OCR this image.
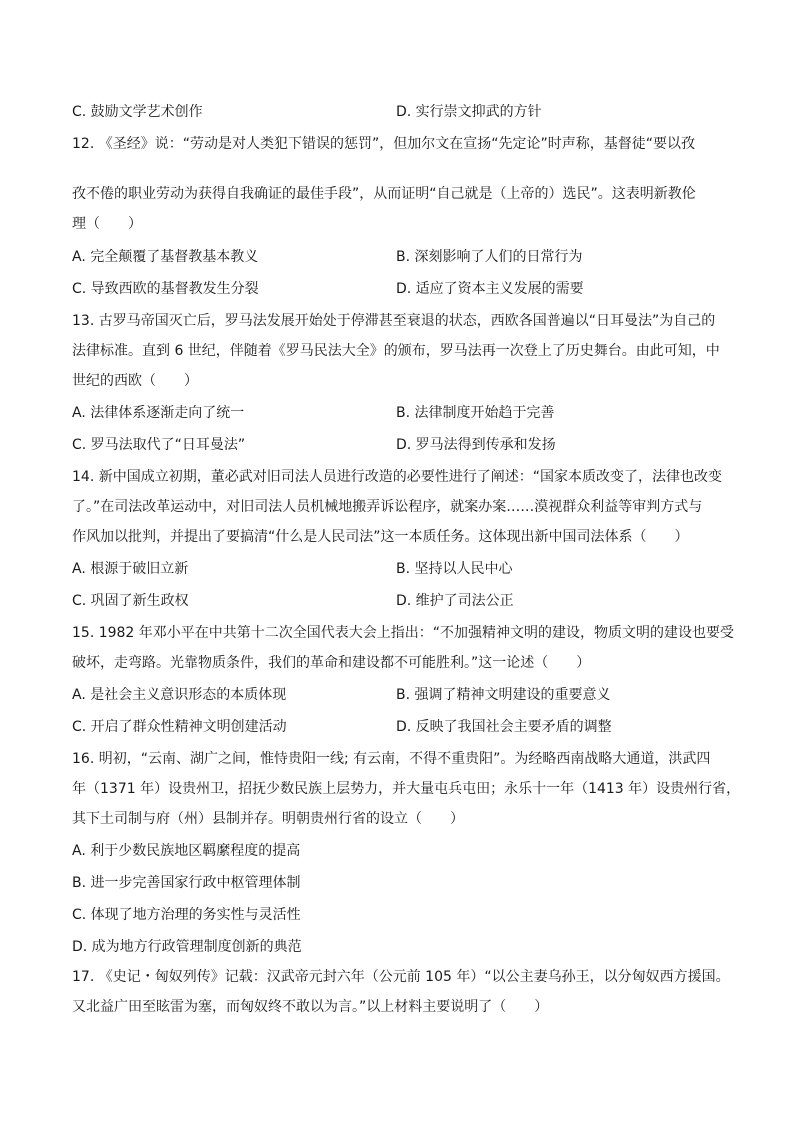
C. 鼓励文学艺术创作	D. 实行崇文抑武的方针
12. 《圣经》说：“劳动是对人类犯下错误的惩罚”，但加尔文在宣扬“先定论”时声称，基督徒“要以孜
孜不倦的职业劳动为获得自我确证的最佳手段”，从而证明“自己就是（上帝的）选民”。这表明新教伦
理（　　）
A. 完全颠覆了基督教基本教义	B. 深刻影响了人们的日常行为
C. 导致西欧的基督教发生分裂	D. 适应了资本主义发展的需要
13. 古罗马帝国灭亡后，罗马法发展开始处于停滞甚至衰退的状态，西欧各国普遍以“日耳曼法”为自己的
法律标准。直到 6 世纪，伴随着《罗马民法大全》的颁布，罗马法再一次登上了历史舞台。由此可知，中
世纪的西欧（　　）
A. 法律体系逐渐走向了统一	B. 法律制度开始趋于完善
C. 罗马法取代了“日耳曼法”	D. 罗马法得到传承和发扬
14. 新中国成立初期，董必武对旧司法人员进行改造的必要性进行了阐述：“国家本质改变了，法律也改变
了。”在司法改革运动中，对旧司法人员机械地搬弄诉讼程序，就案办案……漠视群众利益等审判方式与
作风加以批判，并提出了要搞清“什么是人民司法”这一本质任务。这体现出新中国司法体系（　　）
A. 根源于破旧立新	B. 坚持以人民中心
C. 巩固了新生政权	D. 维护了司法公正
15. 1982 年邓小平在中共第十二次全国代表大会上指出：“不加强精神文明的建设，物质文明的建设也要受
破坏，走弯路。光靠物质条件，我们的革命和建设都不可能胜利。”这一论述（　　）
A. 是社会主义意识形态的本质体现	B. 强调了精神文明建设的重要意义
C. 开启了群众性精神文明创建活动	D. 反映了我国社会主要矛盾的调整
16. 明初，“云南、湖广之间，惟恃贵阳一线; 有云南，不得不重贵阳”。为经略西南战略大通道，洪武四
年（1371 年）设贵州卫，招抚少数民族上层势力，并大量屯兵屯田；永乐十一年（1413 年）设贵州行省，
其下土司制与府（州）县制并存。明朝贵州行省的设立（　　）
A. 利于少数民族地区羁縻程度的提高
B. 进一步完善国家行政中枢管理体制
C. 体现了地方治理的务实性与灵活性
D. 成为地方行政管理制度创新的典范
17. 《史记・匈奴列传》记载：汉武帝元封六年（公元前 105 年）“以公主妻乌孙王，以分匈奴西方援国。
又北益广田至眩雷为塞，而匈奴终不敢以为言。”以上材料主要说明了（　　）
